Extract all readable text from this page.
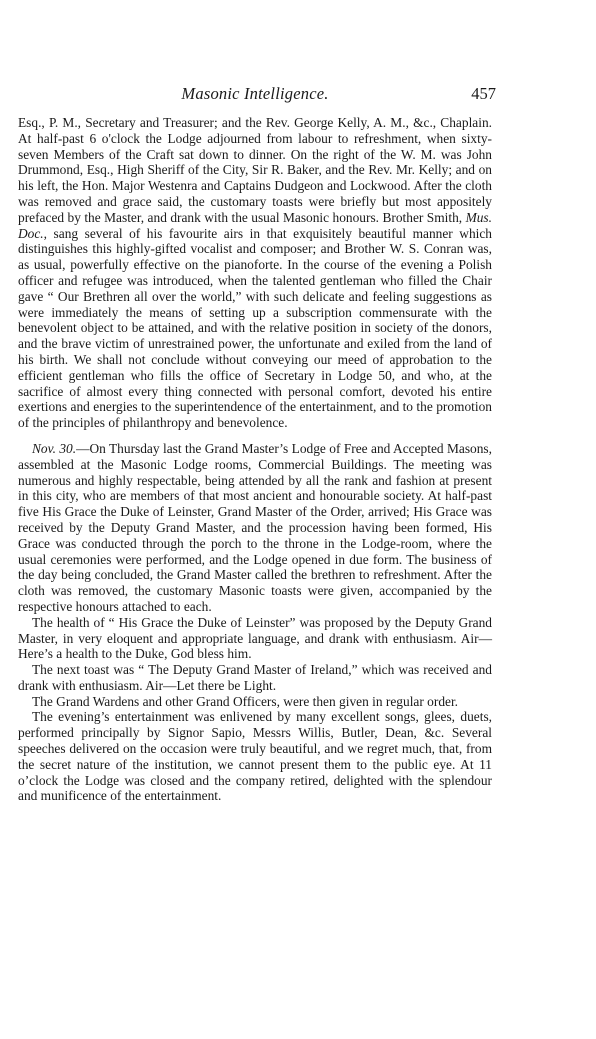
Masonic Intelligence.	457

Esq., P. M., Secretary and Treasurer; and the Rev. George Kelly, A. M., &c., Chaplain. At half-past 6 o'clock the Lodge adjourned from labour to refreshment, when sixty-seven Members of the Craft sat down to dinner. On the right of the W. M. was John Drummond, Esq., High Sheriff of the City, Sir R. Baker, and the Rev. Mr. Kelly; and on his left, the Hon. Major Westenra and Captains Dudgeon and Lockwood. After the cloth was removed and grace said, the customary toasts were briefly but most appositely prefaced by the Master, and drank with the usual Masonic honours. Brother Smith, Mus. Doc., sang several of his favourite airs in that exquisitely beautiful manner which distinguishes this highly-gifted vocalist and composer; and Brother W. S. Conran was, as usual, powerfully effective on the pianoforte. In the course of the evening a Polish officer and refugee was introduced, when the talented gentleman who filled the Chair gave “ Our Brethren all over the world,” with such delicate and feeling suggestions as were immediately the means of setting up a subscription commensurate with the benevolent object to be attained, and with the relative position in society of the donors, and the brave victim of unrestrained power, the unfortunate and exiled from the land of his birth. We shall not conclude without conveying our meed of approbation to the efficient gentleman who fills the office of Secretary in Lodge 50, and who, at the sacrifice of almost every thing connected with personal comfort, devoted his entire exertions and energies to the superintendence of the entertainment, and to the promotion of the principles of philanthropy and benevolence.

Nov. 30.—On Thursday last the Grand Master’s Lodge of Free and Accepted Masons, assembled at the Masonic Lodge rooms, Commercial Buildings. The meeting was numerous and highly respectable, being attended by all the rank and fashion at present in this city, who are members of that most ancient and honourable society. At half-past five His Grace the Duke of Leinster, Grand Master of the Order, arrived; His Grace was received by the Deputy Grand Master, and the procession having been formed, His Grace was conducted through the porch to the throne in the Lodge-room, where the usual ceremonies were performed, and the Lodge opened in due form. The business of the day being concluded, the Grand Master called the brethren to refreshment. After the cloth was removed, the customary Masonic toasts were given, accompanied by the respective honours attached to each.

The health of “ His Grace the Duke of Leinster” was proposed by the Deputy Grand Master, in very eloquent and appropriate language, and drank with enthusiasm. Air—Here’s a health to the Duke, God bless him.

The next toast was “ The Deputy Grand Master of Ireland,” which was received and drank with enthusiasm. Air—Let there be Light.

The Grand Wardens and other Grand Officers, were then given in regular order.

The evening’s entertainment was enlivened by many excellent songs, glees, duets, performed principally by Signor Sapio, Messrs Willis, Butler, Dean, &c. Several speeches delivered on the occasion were truly beautiful, and we regret much, that, from the secret nature of the institution, we cannot present them to the public eye. At 11 o’clock the Lodge was closed and the company retired, delighted with the splendour and munificence of the entertainment.
